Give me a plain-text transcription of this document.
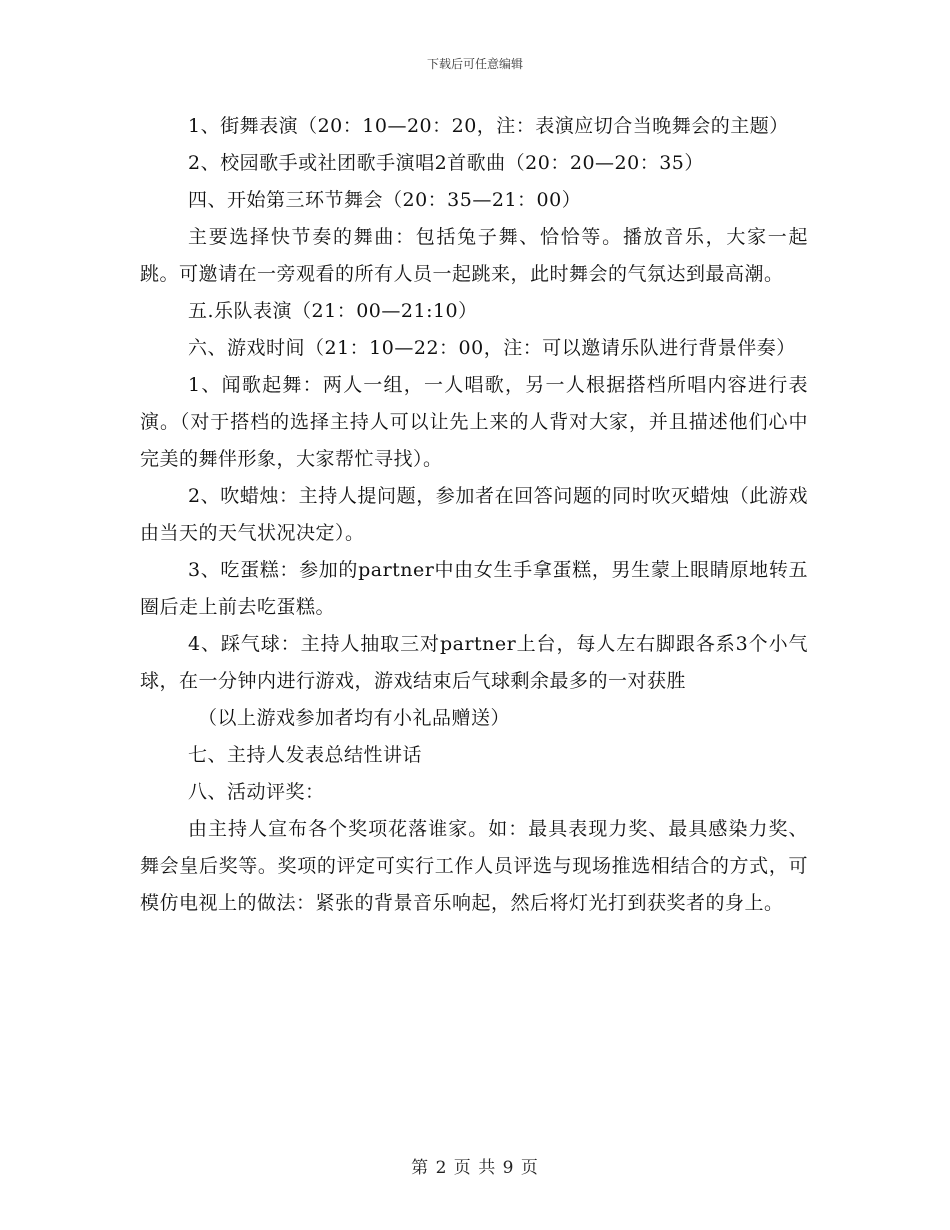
下载后可任意编辑

1、街舞表演（20：10—20：20，注：表演应切合当晚舞会的主题）

2、校园歌手或社团歌手演唱2首歌曲（20：20—20：35）

四、开始第三环节舞会（20：35—21：00）

主要选择快节奏的舞曲：包括兔子舞、恰恰等。播放音乐，大家一起跳。可邀请在一旁观看的所有人员一起跳来，此时舞会的气氛达到最高潮。

五.乐队表演（21：00—21:10）

六、游戏时间（21：10—22：00，注：可以邀请乐队进行背景伴奏）

1、闻歌起舞：两人一组，一人唱歌，另一人根据搭档所唱内容进行表演。（对于搭档的选择主持人可以让先上来的人背对大家，并且描述他们心中完美的舞伴形象，大家帮忙寻找）。

2、吹蜡烛：主持人提问题，参加者在回答问题的同时吹灭蜡烛（此游戏由当天的天气状况决定）。

3、吃蛋糕：参加的partner中由女生手拿蛋糕，男生蒙上眼睛原地转五圈后走上前去吃蛋糕。

4、踩气球：主持人抽取三对partner上台，每人左右脚跟各系3个小气球，在一分钟内进行游戏，游戏结束后气球剩余最多的一对获胜

（以上游戏参加者均有小礼品赠送）

七、主持人发表总结性讲话

八、活动评奖：

由主持人宣布各个奖项花落谁家。如：最具表现力奖、最具感染力奖、舞会皇后奖等。奖项的评定可实行工作人员评选与现场推选相结合的方式，可模仿电视上的做法：紧张的背景音乐响起，然后将灯光打到获奖者的身上。

第 2 页 共 9 页
